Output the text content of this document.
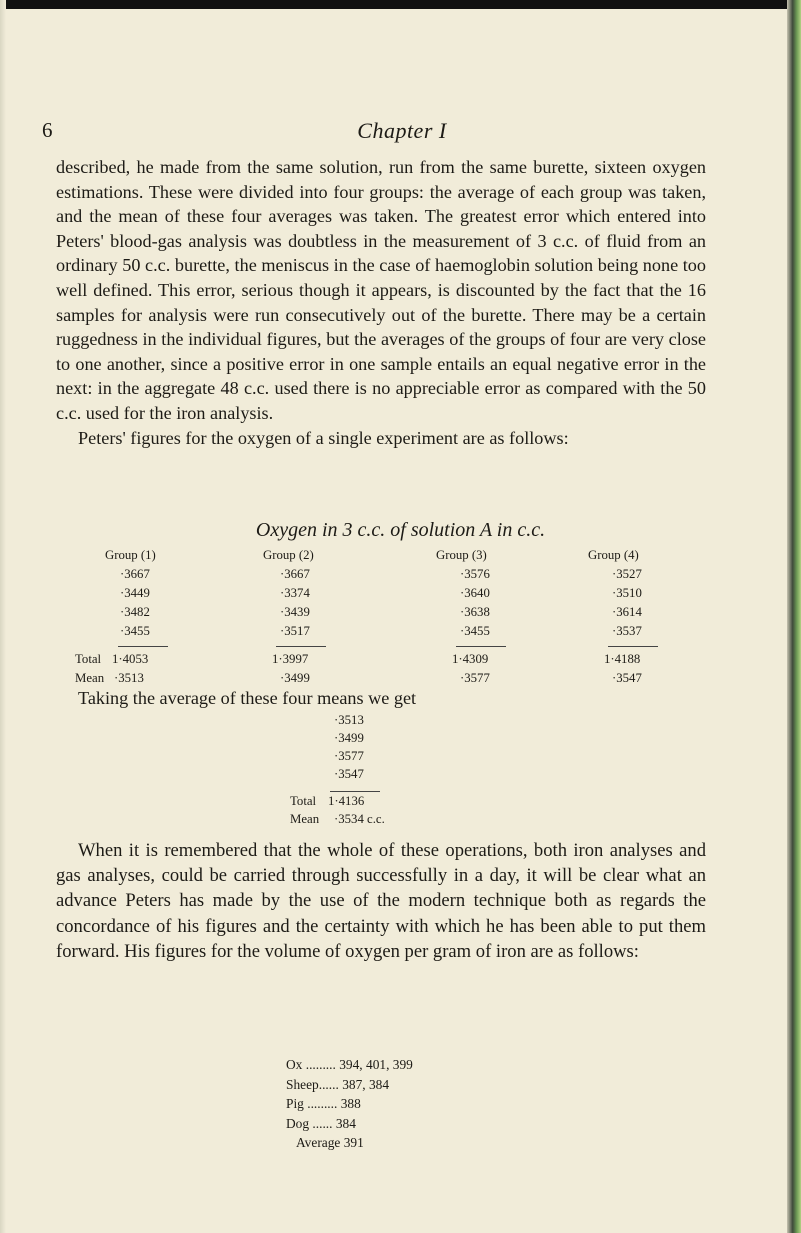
6	Chapter I

described, he made from the same solution, run from the same burette, sixteen oxygen estimations. These were divided into four groups: the average of each group was taken, and the mean of these four averages was taken. The greatest error which entered into Peters' blood-gas analysis was doubtless in the measurement of 3 c.c. of fluid from an ordinary 50 c.c. burette, the meniscus in the case of haemoglobin solution being none too well defined. This error, serious though it appears, is discounted by the fact that the 16 samples for analysis were run consecutively out of the burette. There may be a certain ruggedness in the individual figures, but the averages of the groups of four are very close to one another, since a positive error in one sample entails an equal negative error in the next: in the aggregate 48 c.c. used there is no appreciable error as compared with the 50 c.c. used for the iron analysis.

Peters' figures for the oxygen of a single experiment are as follows:

Oxygen in 3 c.c. of solution A in c.c.
Group (1)	Group (2)	Group (3)	Group (4)
·3667	·3667	·3576	·3527
·3449	·3374	·3640	·3510
·3482	·3439	·3638	·3614
·3455	·3517	·3455	·3537
Total 1·4053	1·3997	1·4309	1·4188
Mean ·3513	·3499	·3577	·3547

Taking the average of these four means we get

·3513
·3499
·3577
·3547
Total 1·4136
Mean ·3534 c.c.

When it is remembered that the whole of these operations, both iron analyses and gas analyses, could be carried through successfully in a day, it will be clear what an advance Peters has made by the use of the modern technique both as regards the concordance of his figures and the certainty with which he has been able to put them forward. His figures for the volume of oxygen per gram of iron are as follows:

Ox ......... 394, 401, 399
Sheep...... 387, 384
Pig ......... 388
Dog ...... 384
Average 391
